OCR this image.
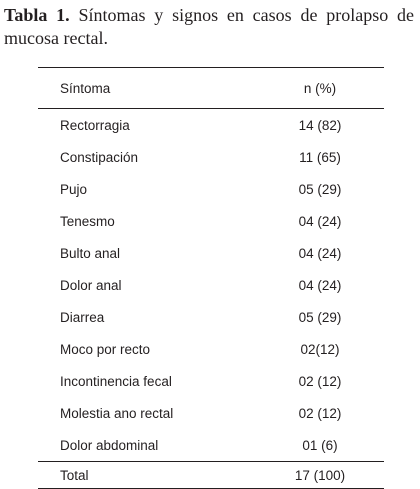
Tabla 1. Síntomas y signos en casos de prolapso de mucosa rectal.

Síntoma	n (%)
Rectorragia	14 (82)
Constipación	11 (65)
Pujo	05 (29)
Tenesmo	04 (24)
Bulto anal	04 (24)
Dolor anal	04 (24)
Diarrea	05 (29)
Moco por recto	02(12)
Incontinencia fecal	02 (12)
Molestia ano rectal	02 (12)
Dolor abdominal	01 (6)
Total	17 (100)
